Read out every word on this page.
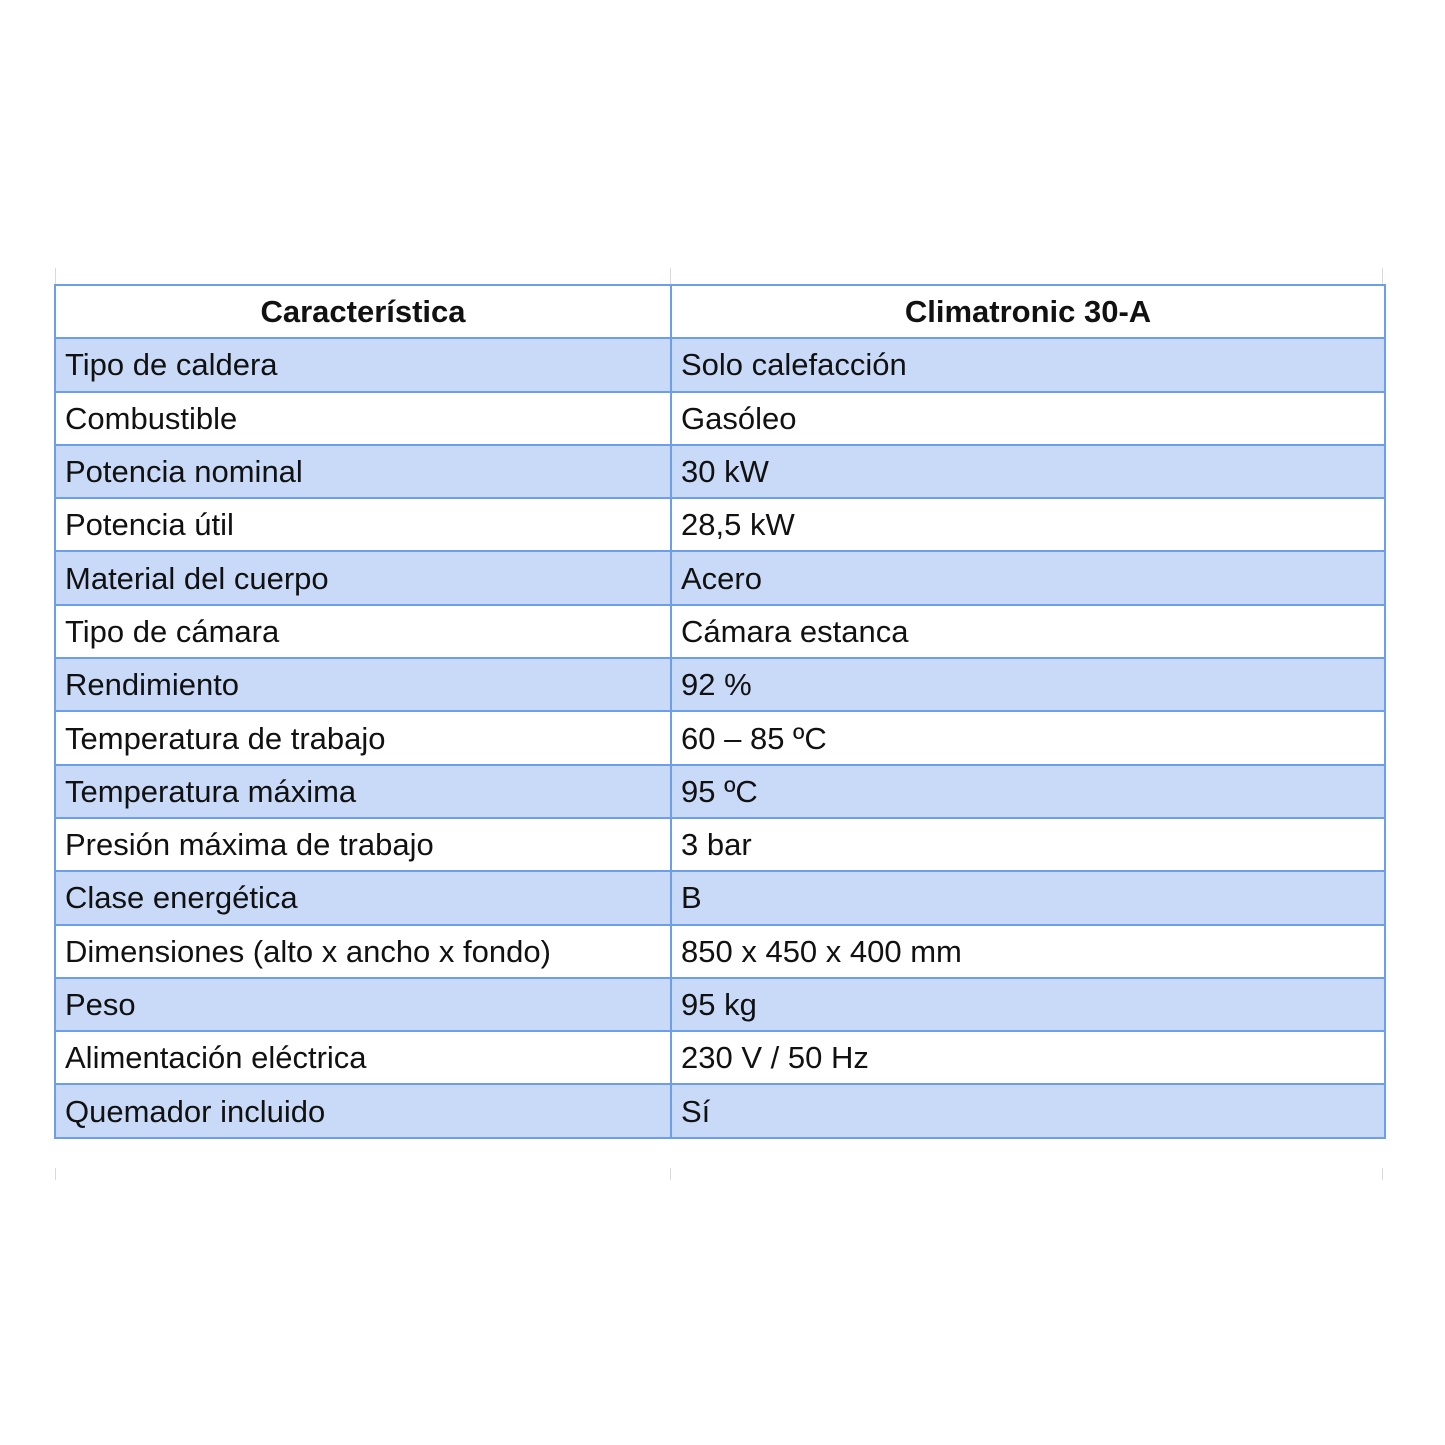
Característica	Climatronic 30-A
Tipo de caldera	Solo calefacción
Combustible	Gasóleo
Potencia nominal	30 kW
Potencia útil	28,5 kW
Material del cuerpo	Acero
Tipo de cámara	Cámara estanca
Rendimiento	92 %
Temperatura de trabajo	60 – 85 ºC
Temperatura máxima	95 ºC
Presión máxima de trabajo	3 bar
Clase energética	B
Dimensiones (alto x ancho x fondo)	850 x 450 x 400 mm
Peso	95 kg
Alimentación eléctrica	230 V / 50 Hz
Quemador incluido	Sí
